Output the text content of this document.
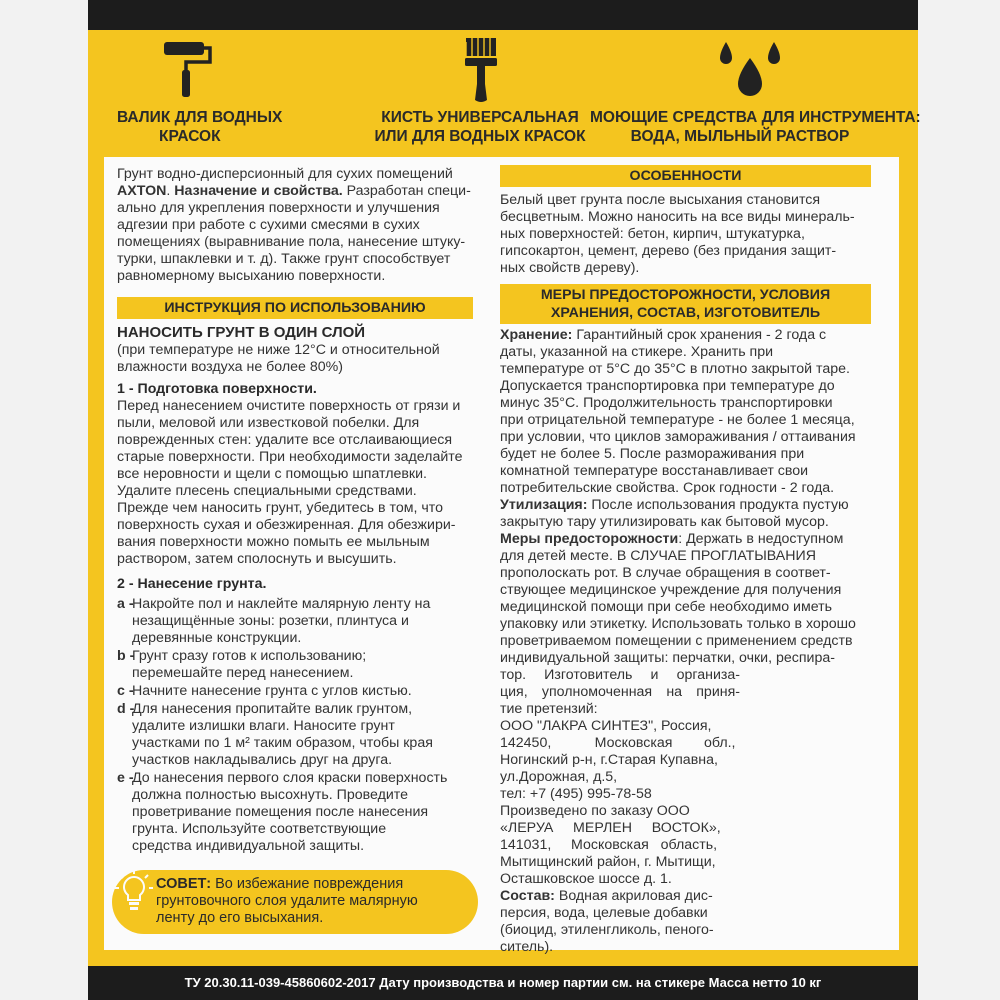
ВАЛИК ДЛЯ ВОДНЫХ
КРАСОК
КИСТЬ УНИВЕРСАЛЬНАЯ
ИЛИ ДЛЯ ВОДНЫХ КРАСОК
МОЮЩИЕ СРЕДСТВА ДЛЯ ИНСТРУМЕНТА:
ВОДА, МЫЛЬНЫЙ РАСТВОР
Грунт водно-дисперсионный для сухих помещений
AXTON. Назначение и свойства. Разработан специ-
ально для укрепления поверхности и улучшения
адгезии при работе с сухими смесями в сухих
помещениях (выравнивание пола, нанесение штуку-
турки, шпаклевки и т. д). Также грунт способствует
равномерному высыханию поверхности.
ИНСТРУКЦИЯ ПО ИСПОЛЬЗОВАНИЮ
НАНОСИТЬ ГРУНТ В ОДИН СЛОЙ
(при температуре не ниже 12°C и относительной
влажности воздуха не более 80%)
1 - Подготовка поверхности.
Перед нанесением очистите поверхность от грязи и
пыли, меловой или известковой побелки. Для
поврежденных стен: удалите все отслаивающиеся
старые поверхности. При необходимости заделайте
все неровности и щели с помощью шпатлевки.
Удалите плесень специальными средствами.
Прежде чем наносить грунт, убедитесь в том, что
поверхность сухая и обезжиренная. Для обезжири-
вания поверхности можно помыть ее мыльным
раствором, затем сполоснуть и высушить.
2 - Нанесение грунта.
a -
Накройте пол и наклейте малярную ленту на
незащищённые зоны: розетки, плинтуса и
деревянные конструкции.
b -
Грунт сразу готов к использованию;
перемешайте перед нанесением.
c -
Начните нанесение грунта с углов кистью.
d -
Для нанесения пропитайте валик грунтом,
удалите излишки влаги. Наносите грунт
участками по 1 м² таким образом, чтобы края
участков накладывались друг на друга.
e -
До нанесения первого слоя краски поверхность
должна полностью высохнуть. Проведите
проветривание помещения после нанесения
грунта. Используйте соответствующие
средства индивидуальной защиты.
СОВЕТ: Во избежание повреждения
грунтовочного слоя удалите малярную
ленту до его высыхания.
ОСОБЕННОСТИ
Белый цвет грунта после высыхания становится
бесцветным. Можно наносить на все виды минераль-
ных поверхностей: бетон, кирпич, штукатурка,
гипсокартон, цемент, дерево (без придания защит-
ных свойств дереву).
МЕРЫ ПРЕДОСТОРОЖНОСТИ, УСЛОВИЯ
ХРАНЕНИЯ, СОСТАВ, ИЗГОТОВИТЕЛЬ
Хранение: Гарантийный срок хранения - 2 года с
даты, указанной на стикере. Хранить при
температуре от 5°C до 35°C в плотно закрытой таре.
Допускается транспортировка при температуре до
минус 35°C. Продолжительность транспортировки
при отрицательной температуре - не более 1 месяца,
при условии, что циклов замораживания / оттаивания
будет не более 5. После размораживания при
комнатной температуре восстанавливает свои
потребительские свойства. Срок годности - 2 года.
Утилизация: После использования продукта пустую
закрытую тару утилизировать как бытовой мусор.
Меры предосторожности: Держать в недоступном
для детей месте. В СЛУЧАЕ ПРОГЛАТЫВАНИЯ
прополоскать рот. В случае обращения в соответ-
ствующее медицинское учреждение для получения
медицинской помощи при себе необходимо иметь
упаковку или этикетку. Использовать только в хорошо
проветриваемом помещении с применением средств
индивидуальной защиты: перчатки, очки, респира-
тор. Изготовитель и организа-
ция, уполномоченная на приня-
тие претензий:
ООО "ЛАКРА СИНТЕЗ", Россия,
142450,           Московская        обл.,
Ногинский р-н, г.Старая Купавна,
ул.Дорожная, д.5,
тел: +7 (495) 995-78-58
Произведено по заказу ООО
«ЛЕРУА     МЕРЛЕН     ВОСТОК»,
141031,     Московская   область,
Мытищинский район, г. Мытищи,
Осташковское шоссе д. 1.
Состав: Водная акриловая дис-
персия, вода, целевые добавки
(биоцид, этиленгликоль, пеного-
ситель).
ТУ 20.30.11-039-45860602-2017 Дату производства и номер партии см. на стикере Масса нетто 10 кг
